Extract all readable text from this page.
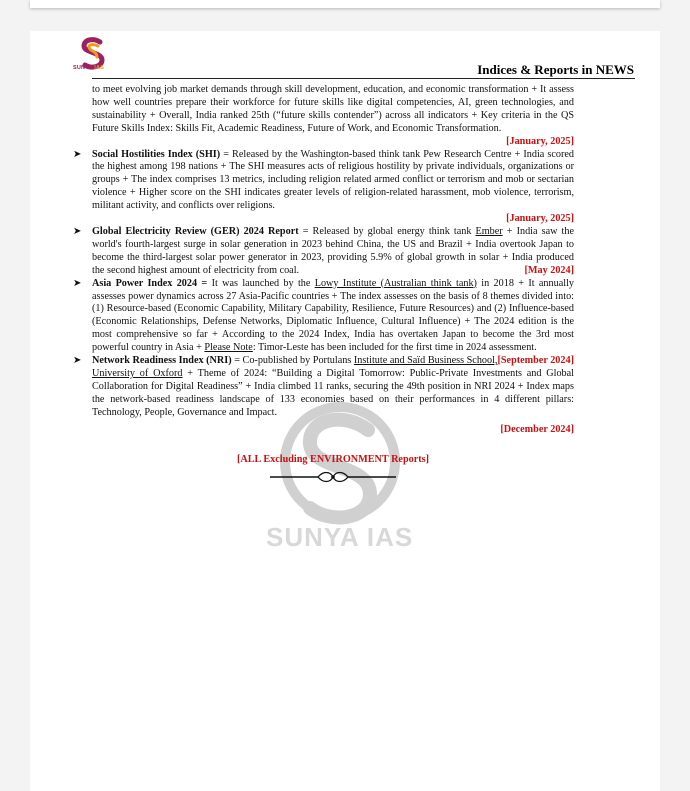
SUNYA IAS	Indices & Reports in NEWS
SUNYA IAS
to meet evolving job market demands through skill development, education, and economic transformation + It assess how well countries prepare their workforce for future skills like digital competencies, AI, green technologies, and sustainability + Overall, India ranked 25th (“future skills contender”) across all indicators + Key criteria in the QS Future Skills Index: Skills Fit, Academic Readiness, Future of Work, and Economic Transformation.
[January, 2025]
➤ Social Hostilities Index (SHI) = Released by the Washington-based think tank Pew Research Centre + India scored the highest among 198 nations + The SHI measures acts of religious hostility by private individuals, organizations or groups + The index comprises 13 metrics, including religion related armed conflict or terrorism and mob or sectarian violence + Higher score on the SHI indicates greater levels of religion-related harassment, mob violence, terrorism, militant activity, and conflicts over religions.
[January, 2025]
➤ Global Electricity Review (GER) 2024 Report = Released by global energy think tank Ember + India saw the world's fourth-largest surge in solar generation in 2023 behind China, the US and Brazil + India overtook Japan to become the third-largest solar power generator in 2023, providing 5.9% of global growth in solar + India produced the second highest amount of electricity from coal.	[May 2024]
➤ Asia Power Index 2024 = It was launched by the Lowy Institute (Australian think tank) in 2018 + It annually assesses power dynamics across 27 Asia-Pacific countries + The index assesses on the basis of 8 themes divided into: (1) Resource-based (Economic Capability, Military Capability, Resilience, Future Resources) and (2) Influence-based (Economic Relationships, Defense Networks, Diplomatic Influence, Cultural Influence) + The 2024 edition is the most comprehensive so far + According to the 2024 Index, India has overtaken Japan to become the 3rd most powerful country in Asia + Please Note: Timor-Leste has been included for the first time in 2024 assessment.
[September 2024]
➤ Network Readiness Index (NRI) = Co-published by Portulans Institute and Saïd Business School, University of Oxford + Theme of 2024: “Building a Digital Tomorrow: Public-Private Investments and Global Collaboration for Digital Readiness” + India climbed 11 ranks, securing the 49th position in NRI 2024 + Index maps the network-based readiness landscape of 133 economies based on their performances in 4 different pillars: Technology, People, Governance and Impact.
[December 2024]
[ALL Excluding ENVIRONMENT Reports]
